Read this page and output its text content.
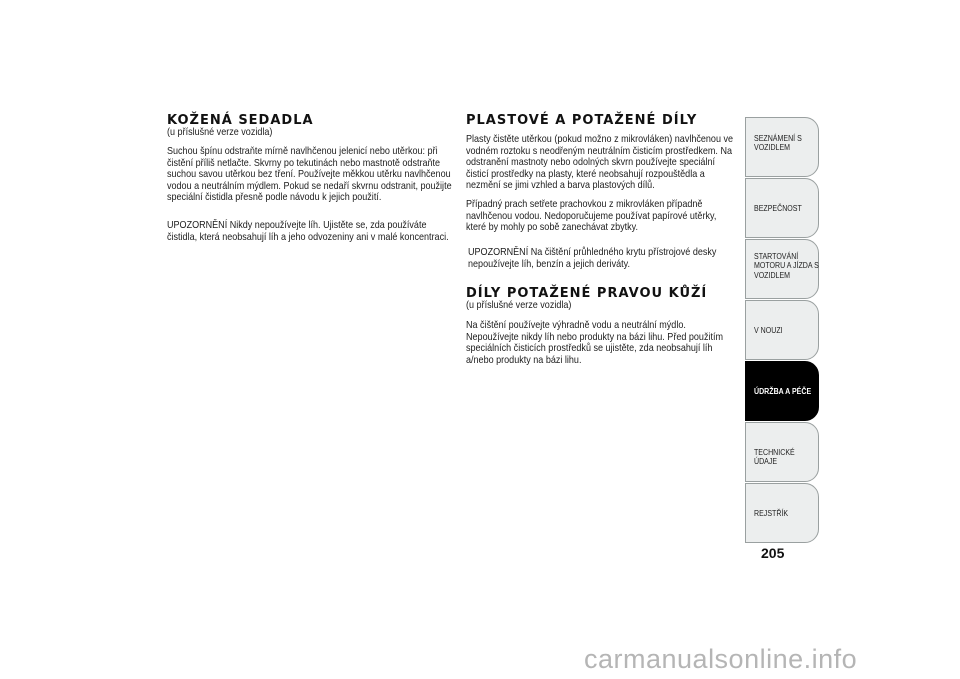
KOŽENÁ SEDADLA

(u příslušné verze vozidla)

Suchou špínu odstraňte mírně navlhčenou jelenicí nebo utěrkou: při čistění příliš netlačte. Skvrny po tekutinách nebo mastnotě odstraňte suchou savou utěrkou bez tření. Používejte měkkou utěrku navlhčenou vodou a neutrálním mýdlem. Pokud se nedaří skvrnu odstranit, použijte speciální čistidla přesně podle návodu k jejich použití.

UPOZORNĚNÍ Nikdy nepoužívejte líh. Ujistěte se, zda používáte čistidla, která neobsahují líh a jeho odvozeniny ani v malé koncentraci.

PLASTOVÉ A POTAŽENÉ DÍLY

Plasty čistěte utěrkou (pokud možno z mikrovláken) navlhčenou ve vodném roztoku s neodřeným neutrálním čisticím prostředkem. Na odstranění mastnoty nebo odolných skvrn používejte speciální čisticí prostředky na plasty, které neobsahují rozpouštědla a nezmění se jimi vzhled a barva plastových dílů.

Případný prach setřete prachovkou z mikrovláken případně navlhčenou vodou. Nedoporučujeme používat papírové utěrky, které by mohly po sobě zanechávat zbytky.

UPOZORNĚNÍ Na čištění průhledného krytu přístrojové desky nepoužívejte líh, benzín a jejich deriváty.

DÍLY POTAŽENÉ PRAVOU KŮŽÍ

(u příslušné verze vozidla)

Na čištění používejte výhradně vodu a neutrální mýdlo. Nepoužívejte nikdy líh nebo produkty na bázi lihu. Před použitím speciálních čisticích prostředků se ujistěte, zda neobsahují líh a/nebo produkty na bázi lihu.

SEZNÁMENÍ S VOZIDLEM
BEZPEČNOST
STARTOVÁNÍ MOTORU A JÍZDA S VOZIDLEM
V NOUZI
ÚDRŽBA A PÉČE
TECHNICKÉ ÚDAJE
REJSTŘÍK
205
carmanualsonline.info
